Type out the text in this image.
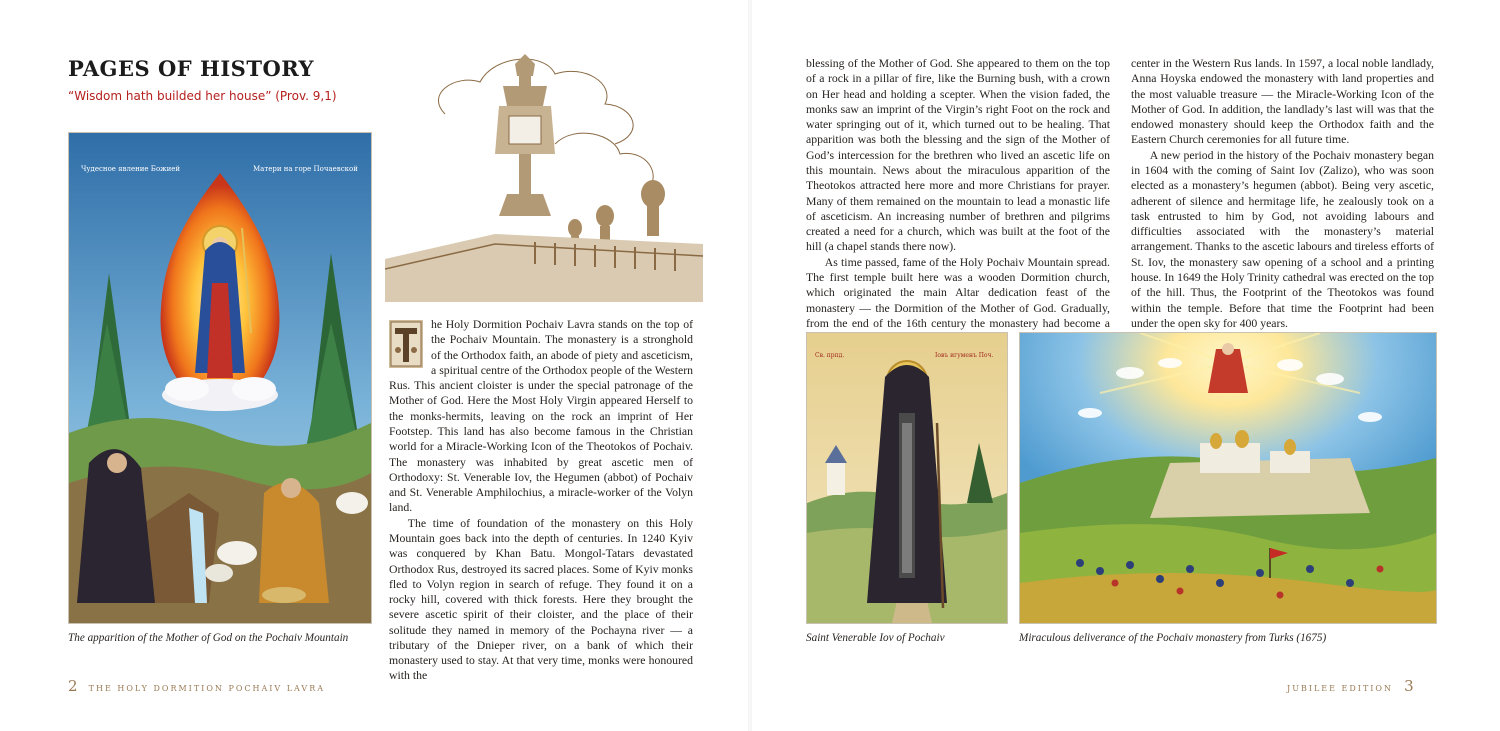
PAGES OF HISTORY

“Wisdom hath builded her house” (Prov. 9,1)

Чудесное явление Божией	Матери на горе Почаевской

The apparition of the Mother of God on the Pochaiv Mountain

he Holy Dormition Pochaiv Lavra stands on the top of the Pochaiv Mountain. The monastery is a stronghold of the Orthodox faith, an abode of piety and asceticism, a spiritual centre of the Orthodox people of the Western Rus. This ancient cloister is under the special patronage of the Mother of God. Here the Most Holy Virgin appeared Herself to the monks-hermits, leaving on the rock an imprint of Her Footstep. This land has also become famous in the Christian world for a Miracle-Working Icon of the Theotokos of Pochaiv. The monastery was inhabited by great ascetic men of Orthodoxy: St. Venerable Iov, the Hegumen (abbot) of Pochaiv and St. Venerable Amphilochius, a miracle-worker of the Volyn land.

The time of foundation of the monastery on this Holy Mountain goes back into the depth of centuries. In 1240 Kyiv was conquered by Khan Batu. Mongol-Tatars devastated Orthodox Rus, destroyed its sacred places. Some of Kyiv monks fled to Volyn region in search of refuge. They found it on a rocky hill, covered with thick forests. Here they brought the severe ascetic spirit of their cloister, and the place of their solitude they named in memory of the Pochayna river — a tributary of the Dnieper river, on a bank of which their monastery used to stay. At that very time, monks were honoured with the

2 THE HOLY DORMITION POCHAIV LAVRA

blessing of the Mother of God. She appeared to them on the top of a rock in a pillar of fire, like the Burning bush, with a crown on Her head and holding a scepter. When the vision faded, the monks saw an imprint of the Virgin’s right Foot on the rock and water springing out of it, which turned out to be healing. That apparition was both the blessing and the sign of the Mother of God’s intercession for the brethren who lived an ascetic life on this mountain. News about the miraculous apparition of the Theotokos attracted here more and more Christians for prayer. Many of them remained on the mountain to lead a monastic life of asceticism. An increasing number of brethren and pilgrims created a need for a church, which was built at the foot of the hill (a chapel stands there now).

As time passed, fame of the Holy Pochaiv Mountain spread. The first temple built here was a wooden Dormition church, which originated the main Altar dedication feast of the monastery — the Dormition of the Mother of God. Gradually, from the end of the 16th century the monastery had become a

center in the Western Rus lands. In 1597, a local noble landlady, Anna Hoyska endowed the monastery with land properties and the most valuable treasure — the Miracle-Working Icon of the Mother of God. In addition, the landlady’s last will was that the endowed monastery should keep the Orthodox faith and the Eastern Church ceremonies for all future time.

A new period in the history of the Pochaiv monastery began in 1604 with the coming of Saint Iov (Zalizo), who was soon elected as a monastery’s hegumen (abbot). Being very ascetic, adherent of silence and hermitage life, he zealously took on a task entrusted to him by God, not avoiding labours and difficulties associated with the monastery’s material arrangement. Thanks to the ascetic labours and tireless efforts of St. Iov, the monastery saw opening of a school and a printing house. In 1649 the Holy Trinity cathedral was erected on the top of the hill. Thus, the Footprint of the Theotokos was found within the temple. Before that time the Footprint had been under the open sky for 400 years.

Св. прпд.	Іовъ игуменъ Поч.

Saint Venerable Iov of Pochaiv	Miraculous deliverance of the Pochaiv monastery from Turks (1675)

JUBILEE EDITION 3
